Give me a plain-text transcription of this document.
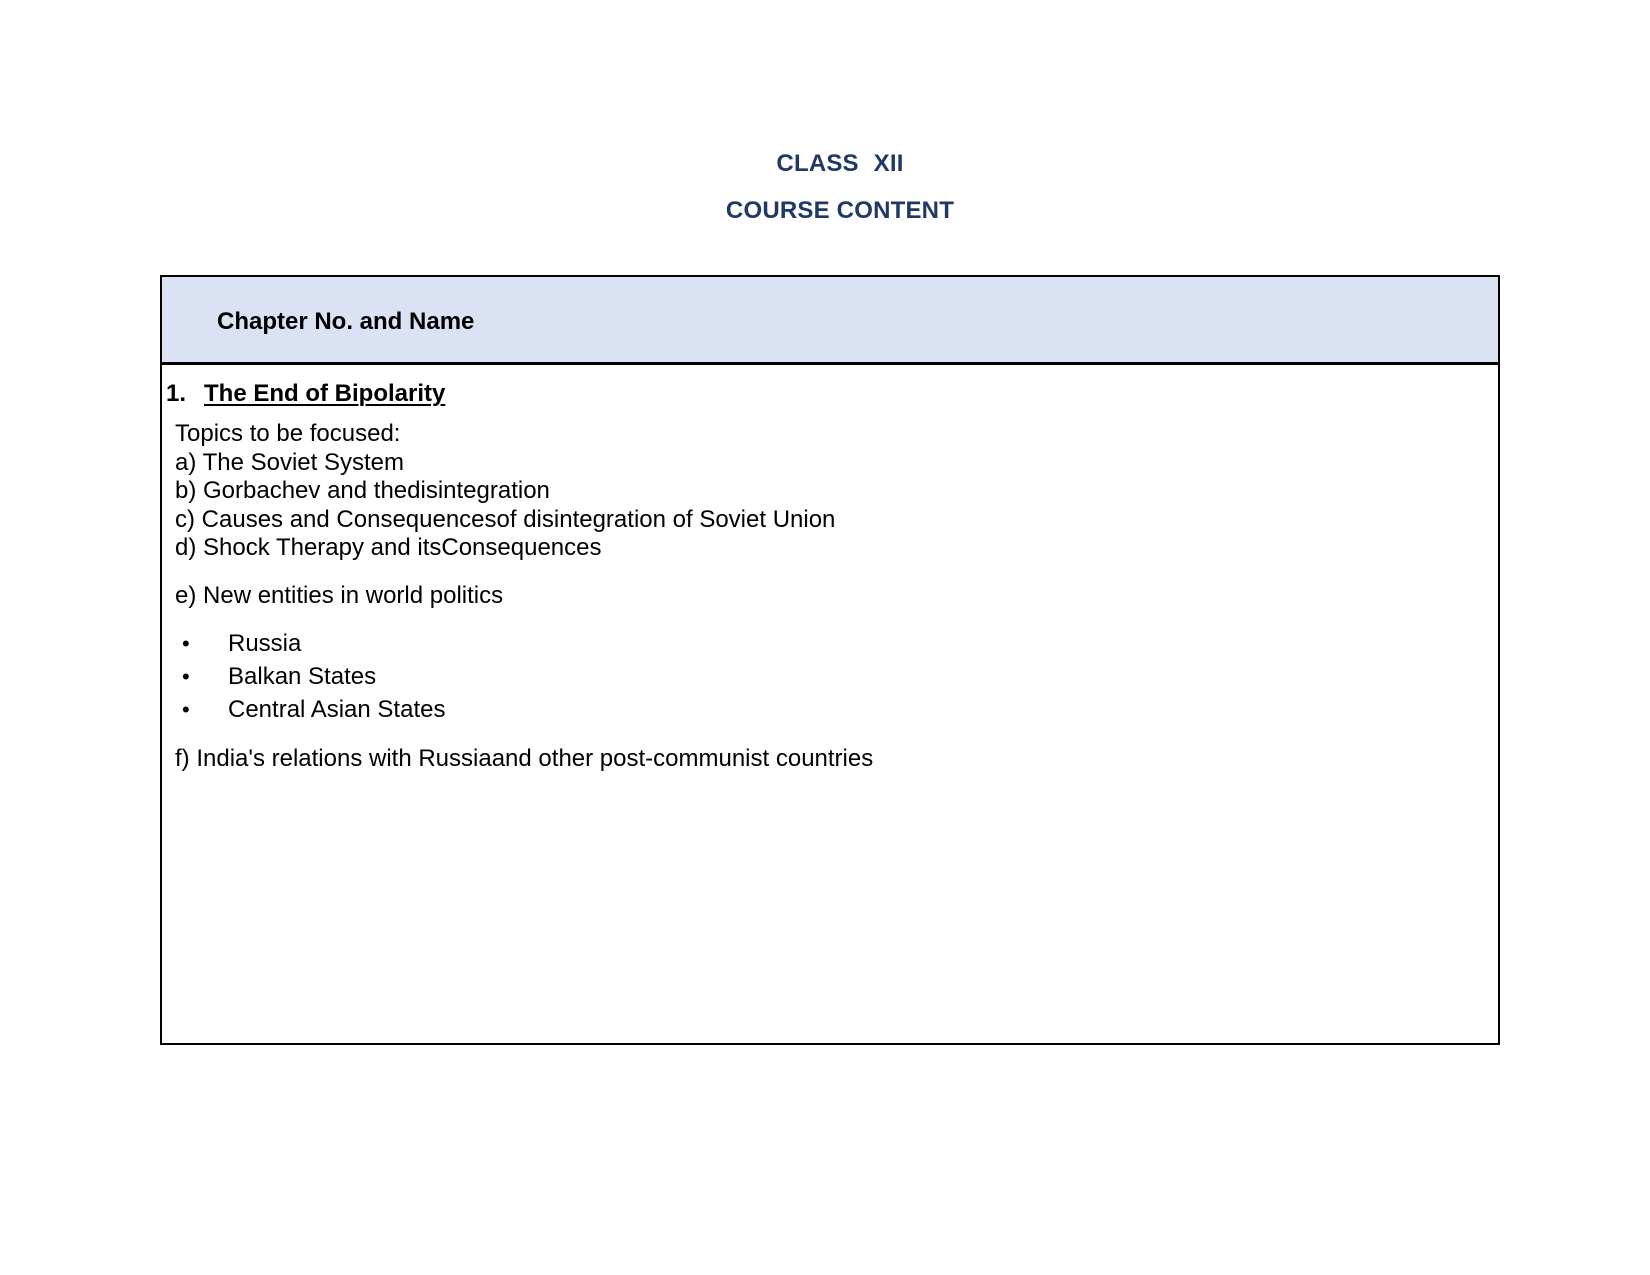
CLASS XII
COURSE CONTENT
Chapter No. and Name
1. The End of Bipolarity
Topics to be focused:
a) The Soviet System
b) Gorbachev and thedisintegration
c) Causes and Consequencesof disintegration of Soviet Union
d) Shock Therapy and itsConsequences
e) New entities in world politics
• Russia
• Balkan States
• Central Asian States
f) India's relations with Russiaand other post-communist countries
